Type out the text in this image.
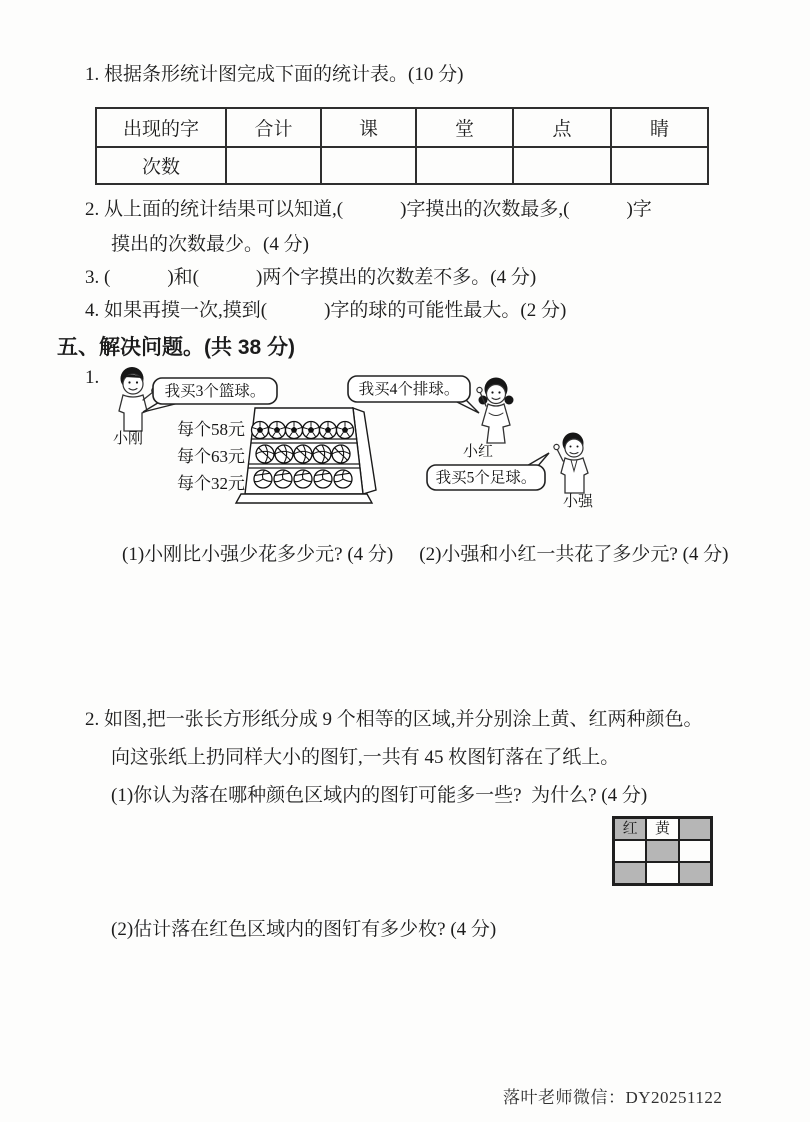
1. 根据条形统计图完成下面的统计表。(10 分)
出现的字	合计	课	堂	点	睛
次数					
2. 从上面的统计结果可以知道,(　　　)字摸出的次数最多,(　　　)字
摸出的次数最少。(4 分)
3. (　　　)和(　　　)两个字摸出的次数差不多。(4 分)
4. 如果再摸一次,摸到(　　　)字的球的可能性最大。(2 分)
五、解决问题。(共 38 分)
1.
小刚
我买3个篮球。
每个58元
每个63元
每个32元
我买4个排球。
小红
我买5个足球。
小强

(1)小刚比小强少花多少元? (4 分) (2)小强和小红一共花了多少元? (4 分)

2. 如图,把一张长方形纸分成 9 个相等的区域,并分别涂上黄、红两种颜色。
向这张纸上扔同样大小的图钉,一共有 45 枚图钉落在了纸上。
(1)你认为落在哪种颜色区域内的图钉可能多一些?  为什么? (4 分)
红	黄
(2)估计落在红色区域内的图钉有多少枚? (4 分)
落叶老师微信：DY20251122
